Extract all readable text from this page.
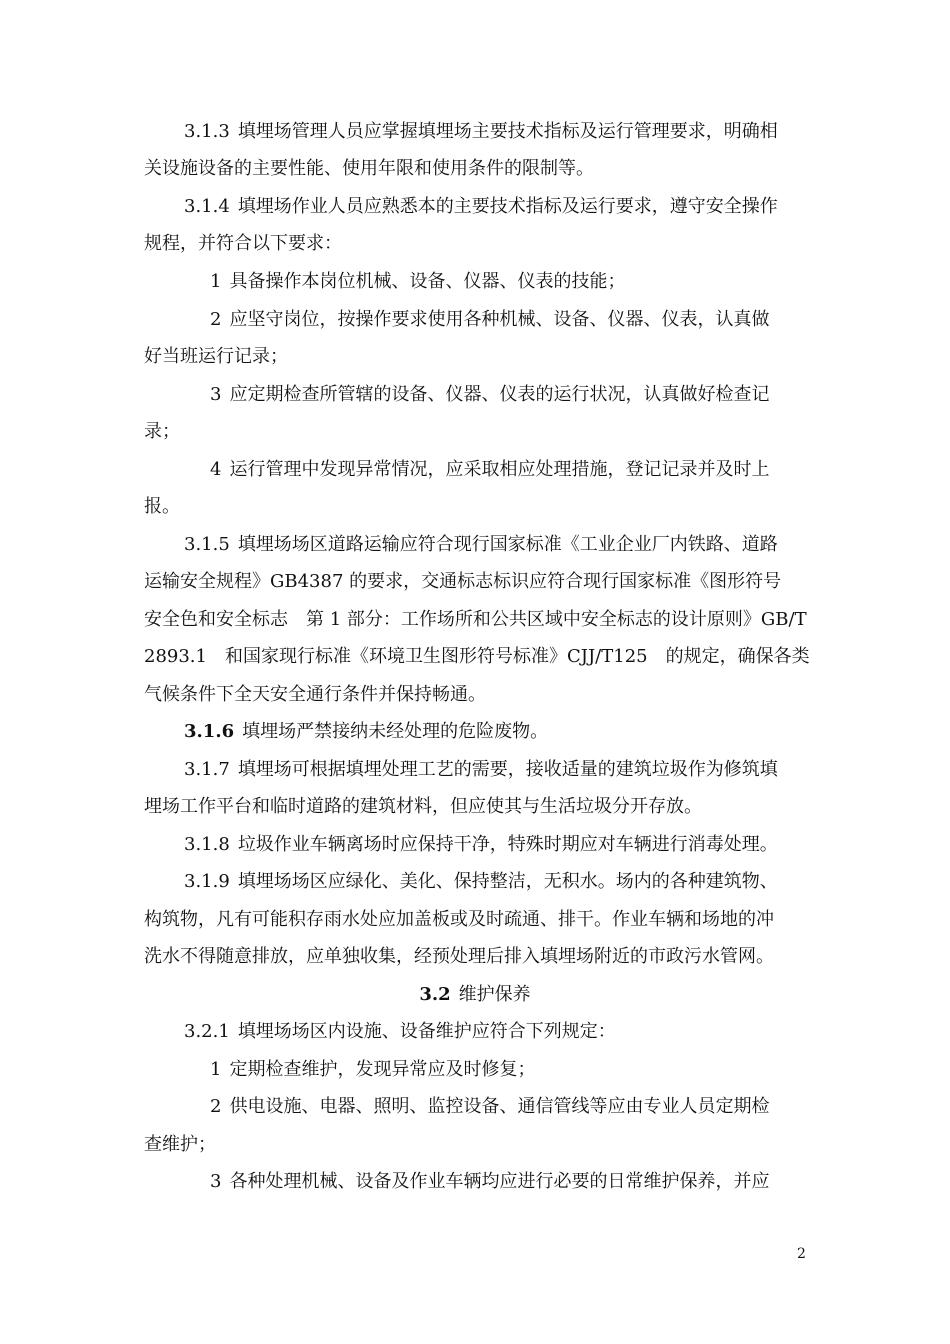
3.1.3 填埋场管理人员应掌握填埋场主要技术指标及运行管理要求，明确相
关设施设备的主要性能、使用年限和使用条件的限制等。
3.1.4 填埋场作业人员应熟悉本的主要技术指标及运行要求，遵守安全操作
规程，并符合以下要求：
1 具备操作本岗位机械、设备、仪器、仪表的技能；
2 应坚守岗位，按操作要求使用各种机械、设备、仪器、仪表，认真做
好当班运行记录；
3 应定期检查所管辖的设备、仪器、仪表的运行状况，认真做好检查记
录；
4 运行管理中发现异常情况，应采取相应处理措施，登记记录并及时上
报。
3.1.5 填埋场场区道路运输应符合现行国家标准《工业企业厂内铁路、道路
运输安全规程》GB4387 的要求，交通标志标识应符合现行国家标准《图形符号
安全色和安全标志　第 1 部分：工作场所和公共区域中安全标志的设计原则》GB/T
2893.1　和国家现行标准《环境卫生图形符号标准》CJJ/T125　的规定，确保各类
气候条件下全天安全通行条件并保持畅通。
3.1.6 填埋场严禁接纳未经处理的危险废物。
3.1.7 填埋场可根据填埋处理工艺的需要，接收适量的建筑垃圾作为修筑填
埋场工作平台和临时道路的建筑材料，但应使其与生活垃圾分开存放。
3.1.8 垃圾作业车辆离场时应保持干净，特殊时期应对车辆进行消毒处理。
3.1.9 填埋场场区应绿化、美化、保持整洁，无积水。场内的各种建筑物、
构筑物，凡有可能积存雨水处应加盖板或及时疏通、排干。作业车辆和场地的冲
洗水不得随意排放，应单独收集，经预处理后排入填埋场附近的市政污水管网。
3.2 维护保养
3.2.1 填埋场场区内设施、设备维护应符合下列规定：
1 定期检查维护，发现异常应及时修复；
2 供电设施、电器、照明、监控设备、通信管线等应由专业人员定期检
查维护；
3 各种处理机械、设备及作业车辆均应进行必要的日常维护保养，并应
2
